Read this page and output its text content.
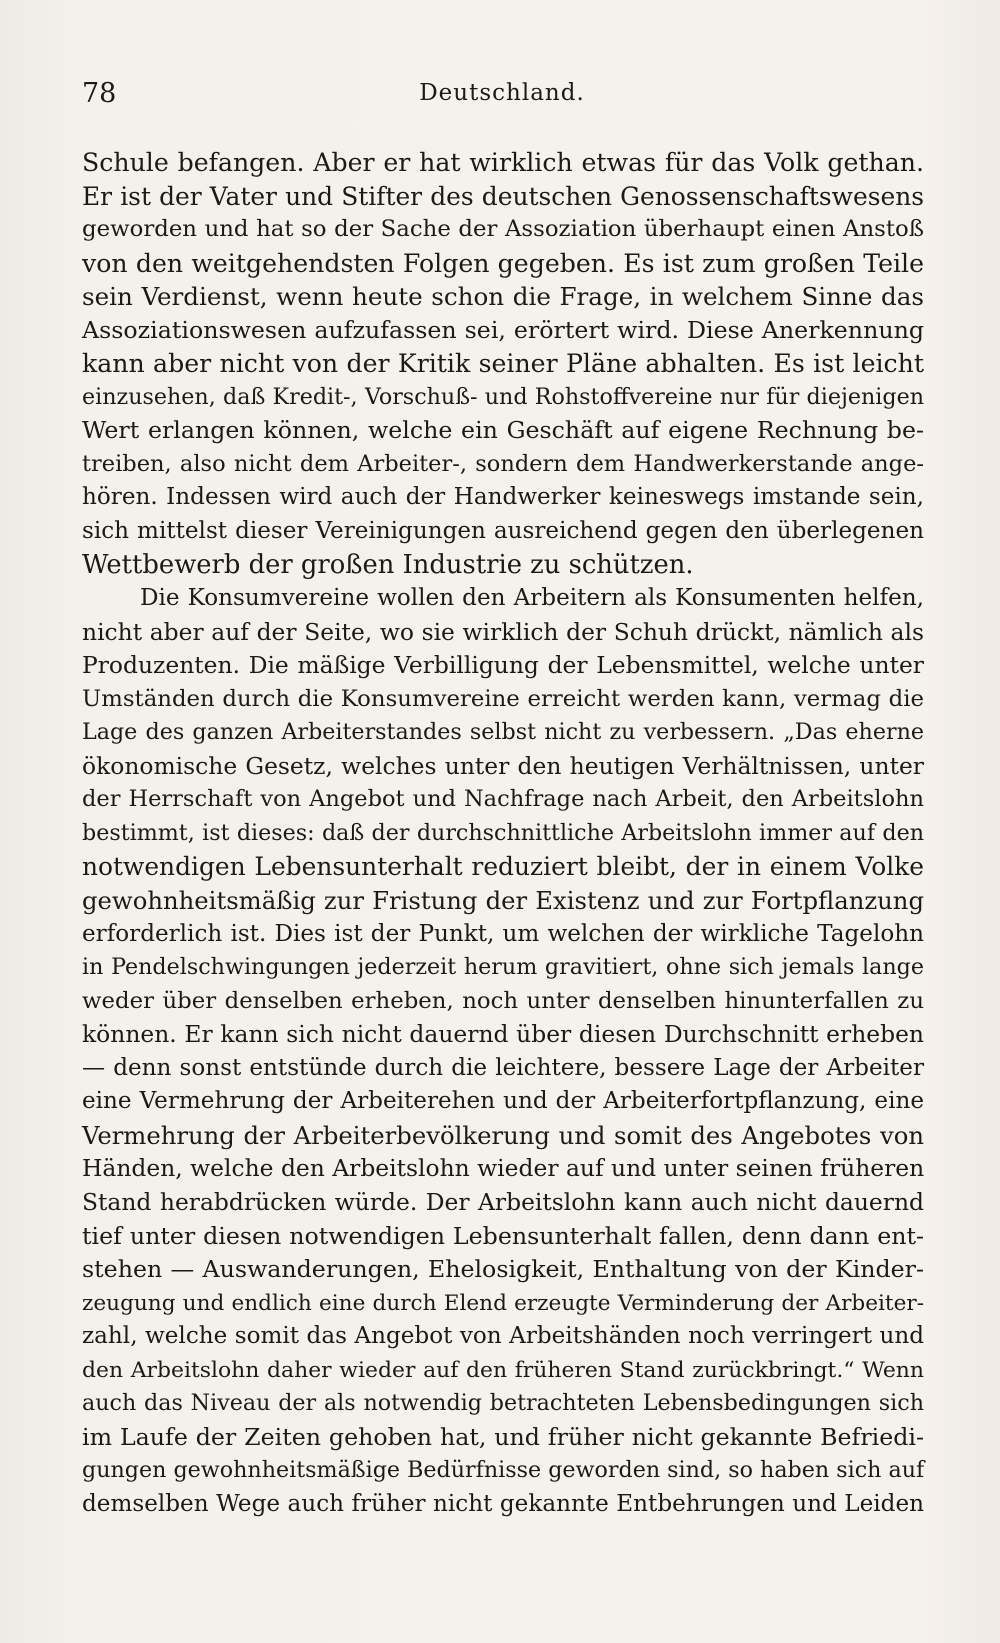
78	Deutschland.
Schule befangen. Aber er hat wirklich etwas für das Volk gethan.
Er ist der Vater und Stifter des deutschen Genossenschaftswesens
geworden und hat so der Sache der Assoziation überhaupt einen Anstoß
von den weitgehendsten Folgen gegeben. Es ist zum großen Teile
sein Verdienst, wenn heute schon die Frage, in welchem Sinne das
Assoziationswesen aufzufassen sei, erörtert wird. Diese Anerkennung
kann aber nicht von der Kritik seiner Pläne abhalten. Es ist leicht
einzusehen, daß Kredit-, Vorschuß- und Rohstoffvereine nur für diejenigen
Wert erlangen können, welche ein Geschäft auf eigene Rechnung be-
treiben, also nicht dem Arbeiter-, sondern dem Handwerkerstande ange-
hören. Indessen wird auch der Handwerker keineswegs imstande sein,
sich mittelst dieser Vereinigungen ausreichend gegen den überlegenen
Wettbewerb der großen Industrie zu schützen.
Die Konsumvereine wollen den Arbeitern als Konsumenten helfen,
nicht aber auf der Seite, wo sie wirklich der Schuh drückt, nämlich als
Produzenten. Die mäßige Verbilligung der Lebensmittel, welche unter
Umständen durch die Konsumvereine erreicht werden kann, vermag die
Lage des ganzen Arbeiterstandes selbst nicht zu verbessern. „Das eherne
ökonomische Gesetz, welches unter den heutigen Verhältnissen, unter
der Herrschaft von Angebot und Nachfrage nach Arbeit, den Arbeitslohn
bestimmt, ist dieses: daß der durchschnittliche Arbeitslohn immer auf den
notwendigen Lebensunterhalt reduziert bleibt, der in einem Volke
gewohnheitsmäßig zur Fristung der Existenz und zur Fortpflanzung
erforderlich ist. Dies ist der Punkt, um welchen der wirkliche Tagelohn
in Pendelschwingungen jederzeit herum gravitiert, ohne sich jemals lange
weder über denselben erheben, noch unter denselben hinunterfallen zu
können. Er kann sich nicht dauernd über diesen Durchschnitt erheben
— denn sonst entstünde durch die leichtere, bessere Lage der Arbeiter
eine Vermehrung der Arbeiterehen und der Arbeiterfortpflanzung, eine
Vermehrung der Arbeiterbevölkerung und somit des Angebotes von
Händen, welche den Arbeitslohn wieder auf und unter seinen früheren
Stand herabdrücken würde. Der Arbeitslohn kann auch nicht dauernd
tief unter diesen notwendigen Lebensunterhalt fallen, denn dann ent-
stehen — Auswanderungen, Ehelosigkeit, Enthaltung von der Kinder-
zeugung und endlich eine durch Elend erzeugte Verminderung der Arbeiter-
zahl, welche somit das Angebot von Arbeitshänden noch verringert und
den Arbeitslohn daher wieder auf den früheren Stand zurückbringt.“ Wenn
auch das Niveau der als notwendig betrachteten Lebensbedingungen sich
im Laufe der Zeiten gehoben hat, und früher nicht gekannte Befriedi-
gungen gewohnheitsmäßige Bedürfnisse geworden sind, so haben sich auf
demselben Wege auch früher nicht gekannte Entbehrungen und Leiden
